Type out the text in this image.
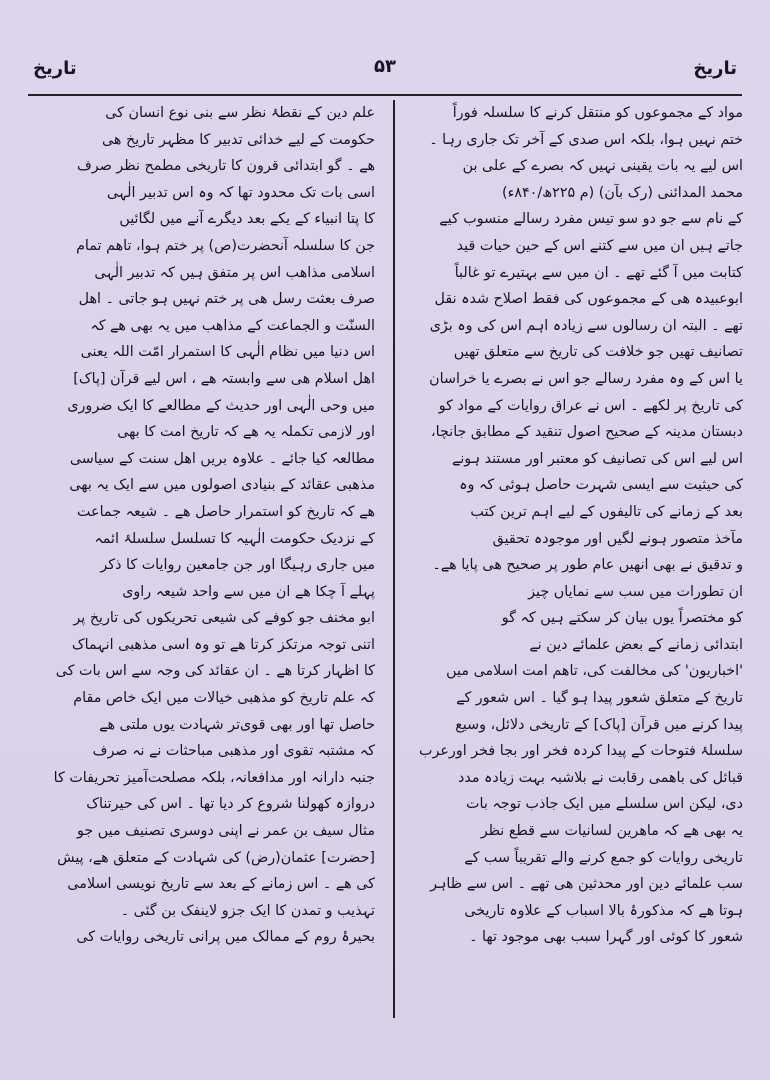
تاریخ
۵۳
تاریخ

مواد کے مجموعوں کو منتقل کرنے کا سلسلہ فوراً

ختم نہیں ہوا، بلکہ اس صدی کے آخر تک جاری رہا ۔

اس لیے یہ بات یقینی نہیں کہ بصرے کے علی بن

محمد المدائنی (رک بآن) (م ۲۲۵ھ/۸۴۰ء)

کے نام سے جو دو سو تیس مفرد رسالے منسوب کیے

جاتے ہیں ان میں سے کتنے اس کے حین حیات قید

کتابت میں آ گئے تھے ۔ ان میں سے بہتیرے تو غالباً

ابوعبیدہ ھی کے مجموعوں کی فقط اصلاح شدہ نقل

تھے ۔ البتہ ان رسالوں سے زیادہ اہم اس کی وہ بڑی

تصانیف تھیں جو خلافت کی تاریخ سے متعلق تھیں

یا اس کے وہ مفرد رسالے جو اس نے بصرے یا خراسان

کی تاریخ پر لکھے ۔ اس نے عراق روایات کے مواد کو

دبستان مدینہ کے صحیح اصول تنقید کے مطابق جانچا،

اس لیے اس کی تصانیف کو معتبر اور مستند ہونے

کی حیثیت سے ایسی شہرت حاصل ہوئی کہ وہ

بعد کے زمانے کی تالیفوں کے لیے اہم ترین کتب

مآخذ متصور ہونے لگیں اور موجودہ تحقیق

و تدقیق نے بھی انھیں عام طور پر صحیح ھی پایا ھے۔

ان تطورات میں سب سے نمایاں چیز

کو مختصراً یوں بیان کر سکتے ہیں کہ گو

ابتدائی زمانے کے بعض علمائے دین نے

'اخباریون' کی مخالفت کی، تاھم امت اسلامی میں

تاریخ کے متعلق شعور پیدا ہو گیا ۔ اس شعور کے

پیدا کرنے میں قرآن [پاک] کے تاریخی دلائل، وسیع

سلسلۂ فتوحات کے پیدا کردہ فخر اور بجا فخر اورعرب

قبائل کی باھمی رقابت نے بلاشبہ بہت زیادہ مدد

دی، لیکن اس سلسلے میں ایک جاذب توجہ بات

یہ بھی ھے کہ ماھرین لسانیات سے قطع نظر

تاریخی روایات کو جمع کرنے والے تقریباً سب کے

سب علمائے دین اور محدثین ھی تھے ۔ اس سے ظاہر

ہوتا ھے کہ مذکورۂ بالا اسباب کے علاوہ تاریخی

شعور کا کوئی اور گہرا سبب بھی موجود تھا ۔

علم دین کے نقطۂ نظر سے بنی نوع انسان کی

حکومت کے لیے خدائی تدبیر کا مظہر تاریخ ھی

ھے ۔ گو ابتدائی قرون کا تاریخی مطمح نظر صرف

اسی بات تک محدود تھا کہ وہ اس تدبیر الٰہی

کا پتا انبیاء کے یکے بعد دیگرے آنے میں لگائیں

جن کا سلسلہ آنحضرت(ص) پر ختم ہوا، تاھم تمام

اسلامی مذاھب اس پر متفق ہیں کہ تدبیر الٰہی

صرف بعثت رسل ھی پر ختم نہیں ہو جاتی ۔ اھل

السنّت و الجماعت کے مذاھب میں یہ بھی ھے کہ

اس دنیا میں نظام الٰہی کا استمرار امّت اللہ یعنی

اھل اسلام ھی سے وابستہ ھے ، اس لیے قرآن [پاک]

میں وحی الٰہی اور حدیث کے مطالعے کا ایک ضروری

اور لازمی تکملہ یہ ھے کہ تاریخ امت کا بھی

مطالعہ کیا جائے ۔ علاوہ بریں اھل سنت کے سیاسی

مذھبی عقائد کے بنیادی اصولوں میں سے ایک یہ بھی

ھے کہ تاریخ کو استمرار حاصل ھے ۔ شیعہ جماعت

کے نزدیک حکومت الٰہیہ کا تسلسل سلسلۂ ائمہ

میں جاری رہیگا اور جن جامعین روایات کا ذکر

پہلے آ چکا ھے ان میں سے واحد شیعہ راوی

ابو مخنف جو کوفے کی شیعی تحریکوں کی تاریخ پر

اتنی توجہ مرتکز کرتا ھے تو وہ اسی مذھبی انہماک

کا اظہار کرتا ھے ۔ ان عقائد کی وجہ سے اس بات کی

کہ علم تاریخ کو مذھبی خیالات میں ایک خاص مقام

حاصل تھا اور بھی قوی‌تر شہادت یوں ملتی ھے

کہ مشتبہ تقوی اور مذھبی مباحثات نے نہ صرف

جنبہ دارانہ اور مدافعانہ، بلکہ مصلحت‌آمیز تحریفات کا

دروازہ کھولنا شروع کر دیا تھا ۔ اس کی حیرتناک

مثال سیف بن عمر نے اپنی دوسری تصنیف میں جو

[حضرت] عثمان(رض) کی شہادت کے متعلق ھے، پیش

کی ھے ۔ اس زمانے کے بعد سے تاریخ نویسی اسلامی

تہذیب و تمدن کا ایک جزو لاینفک بن گئی ۔

بحیرۂ روم کے ممالک میں پرانی تاریخی روایات کی
